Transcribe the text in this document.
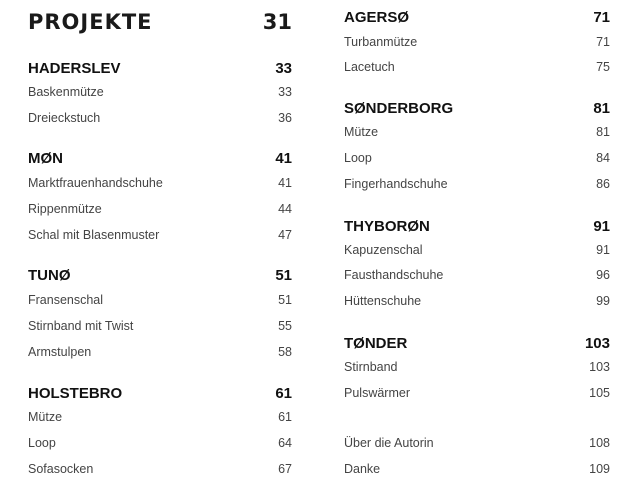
PROJEKTE	31
HADERSLEV	33
Baskenmütze	33
Dreieckstuch	36
MØN	41
Marktfrauenhandschuhe	41
Rippenmütze	44
Schal mit Blasenmuster	47
TUNØ	51
Fransenschal	51
Stirnband mit Twist	55
Armstulpen	58
HOLSTEBRO	61
Mütze	61
Loop	64
Sofasocken	67
AGERSØ	71
Turbanmütze	71
Lacetuch	75
SØNDERBORG	81
Mütze	81
Loop	84
Fingerhandschuhe	86
THYBORØN	91
Kapuzenschal	91
Fausthandschuhe	96
Hüttenschuhe	99
TØNDER	103
Stirnband	103
Pulswärmer	105
Über die Autorin	108
Danke	109
